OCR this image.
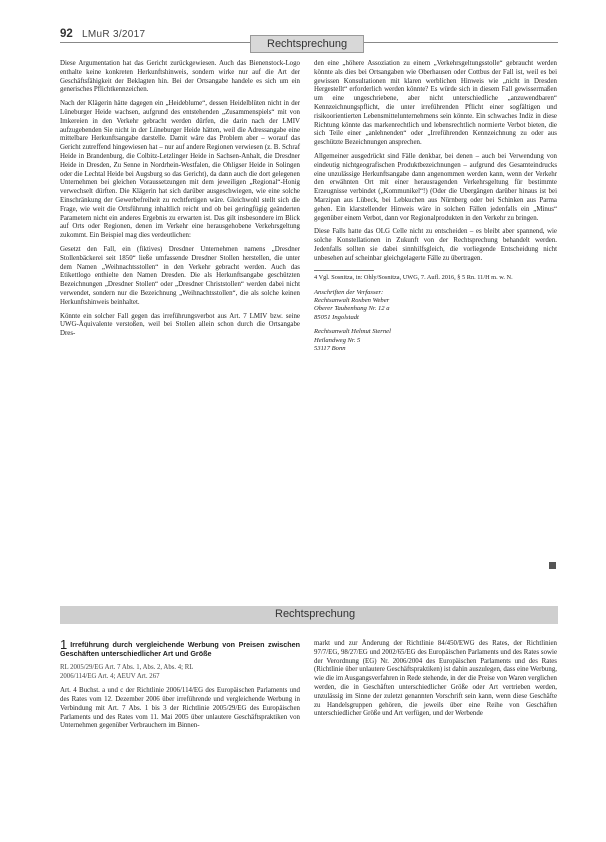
92 LMuR 3/2017
Rechtsprechung

Diese Argumentation hat das Gericht zurückgewiesen. Auch das Bienenstock-Logo enthalte keine konkreten Herkunftshinweis, sondern wirke nur auf die Art der Geschäftsfähigkeit der Beklagten hin. Bei der Ortsangabe handele es sich um ein generisches Pflichtkennzeichen.

Nach der Klägerin hätte dagegen ein „Heideblume“, dessen Heidelblüten nicht in der Lüneburger Heide wachsen, aufgrund des entstehenden „Zusammenspiels“ mit von Imkereien in den Verkehr gebracht werden dürfen, die darin nach der LMIV aufzugebenden Sie nicht in der Lüneburger Heide hätten, weil die Adressangabe eine mittelbare Herkunftsangabe darstelle. Damit wäre das Problem aber – worauf das Gericht zutreffend hingewiesen hat – nur auf andere Regionen verwiesen (z. B. Schraf Heide in Brandenburg, die Colbitz-Letzlinger Heide in Sachsen-Anhalt, die Dresdner Heide in Dresden, Zu Senne in Nordrhein-Westfalen, die Ohligser Heide in Solingen oder die Lechtal Heide bei Augsburg so das Gericht), da dann auch die dort gelegenen Unternehmen bei gleichen Voraussetzungen mit dem jeweiligen „Regional“-Honig verwechselt dürften. Die Klägerin hat sich darüber ausgeschwiegen, wie eine solche Einschränkung der Gewerbefreiheit zu rechtfertigen wäre. Gleichwohl stellt sich die Frage, wie weit die Ortsführung inhaltlich reicht und ob bei geringfügig geänderten Parametern nicht ein anderes Ergebnis zu erwarten ist. Das gilt insbesondere im Blick auf Orts oder Regionen, denen im Verkehr eine herausgehobene Verkehrsgeltung zukommt. Ein Beispiel mag dies verdeutlichen:

Gesetzt den Fall, ein (fiktives) Dresdner Unternehmen namens „Dresdner Stollenbäckerei seit 1850“ ließe umfassende Dresdner Stollen herstellen, die unter dem Namen „Weihnachtsstollen“ in den Verkehr gebracht werden. Auch das Etikettlogo enthielte den Namen Dresden. Die als Herkunftsangabe geschützten Bezeichnungen „Dresdner Stollen“ oder „Dresdner Christstollen“ werden dabei nicht verwendet, sondern nur die Bezeichnung „Weihnachtsstollen“, die als solche keinen Herkunftshinweis beinhaltet.

Könnte ein solcher Fall gegen das irreführungsverbot aus Art. 7 LMIV bzw. seine UWG-Äquivalente verstoßen, weil bei Stollen allein schon durch die Ortsangabe Dres-

den eine „höhere Assoziation zu einem „Verkehrsgeltungsstolle“ gebraucht werden könnte als dies bei Ortsangaben wie Oberhausen oder Cottbus der Fall ist, weil es bei gewissen Konsultationen mit klaren werblichen Hinweis wie „nicht in Dresden Hergestellt“ erforderlich werden könnte? Es würde sich in diesem Fall gewissermaßen um eine ungeschriebene, aber nicht unterschiedliche „anzuwendbaren“ Kennzeichnungspflicht, die unter irreführenden Pflicht einer sogfältigen und risikoorientierten Lebensmittelunternehmens sein könnte. Ein schwaches Indiz in diese Richtung könnte das markenrechtlich und lebensrechtlich normierte Verbot bieten, die sich Teile einer „anlehnenden“ oder „Irreführenden Kennzeichnung zu oder aus geschützte Bezeichnungen ansprechen.

Allgemeiner ausgedrückt sind Fälle denkbar, bei denen – auch bei Verwendung von eindeutig nichtgeografischen Produktbezeichnungen – aufgrund des Gesamteindrucks eine unzulässige Herkunftsangabe dann angenommen werden kann, wenn der Verkehr den erwähnten Ort mit einer herausragenden Verkehrsgeltung für bestimmte Erzeugnisse verbindet („Kommunikel“!) (Oder die Ubergängen darüber hinaus ist bei Marzipan aus Lübeck, bei Lebkuchen aus Nürnberg oder bei Schinken aus Parma gehen. Ein klarstellender Hinweis wäre in solchen Fällen jedenfalls ein „Minus“ gegenüber einem Verbot, dann vor Regionalprodukten in den Verkehr zu bringen.

Diese Falls hatte das OLG Celle nicht zu entscheiden – es bleibt aber spannend, wie solche Konstellationen in Zukunft von der Rechtsprechung behandelt werden. Jedenfalls sollten sie dabei sinnhilfsgleich, die vorliegende Entscheidung nicht unbesehen auf scheinbar gleichgelagerte Fälle zu übertragen.

4 Vgl. Sosnitza, in: Ohly/Sosnitza, UWG, 7. Aufl. 2016, § 5 Rn. 11/H m. w. N.
Anschriften der Verfasser:
Rechtsanwalt Roxben Weber
Oberer Taubenhang Nr. 12 a
85051 Ingolstadt
Rechtsanwalt Helmut Sternel
Heilandweg Nr. 5
53117 Bonn
Rechtsprechung
1 Irreführung durch vergleichende Werbung von Preisen zwischen Geschäften unterschiedlicher Art und Größe
RL 2005/29/EG Art. 7 Abs. 1, Abs. 2, Abs. 4; RL
2006/114/EG Art. 4; AEUV Art. 267

Art. 4 Buchst. a und c der Richtlinie 2006/114/EG des Europäischen Parlaments und des Rates vom 12. Dezember 2006 über irreführende und vergleichende Werbung in Verbindung mit Art. 7 Abs. 1 bis 3 der Richtlinie 2005/29/EG des Europäischen Parlaments und des Rates vom 11. Mai 2005 über unlautere Geschäftspraktiken von Unternehmen gegenüber Verbrauchern im Binnen-

markt und zur Änderung der Richtlinie 84/450/EWG des Rates, der Richtlinien 97/7/EG, 98/27/EG und 2002/65/EG des Europäischen Parlaments und des Rates sowie der Verordnung (EG) Nr. 2006/2004 des Europäischen Parlaments und des Rates (Richtlinie über unlautere Geschäftspraktiken) ist dahin auszulegen, dass eine Werbung, wie die im Ausgangsverfahren in Rede stehende, in der die Preise von Waren verglichen werden, die in Geschäften unterschiedlicher Größe oder Art vertrieben werden, unzulässig im Sinne der zuletzt genannten Vorschrift sein kann, wenn diese Geschäfte zu Handelsgruppen gehören, die jeweils über eine Reihe von Geschäften unterschiedlicher Größe und Art verfügen, und der Werbende
